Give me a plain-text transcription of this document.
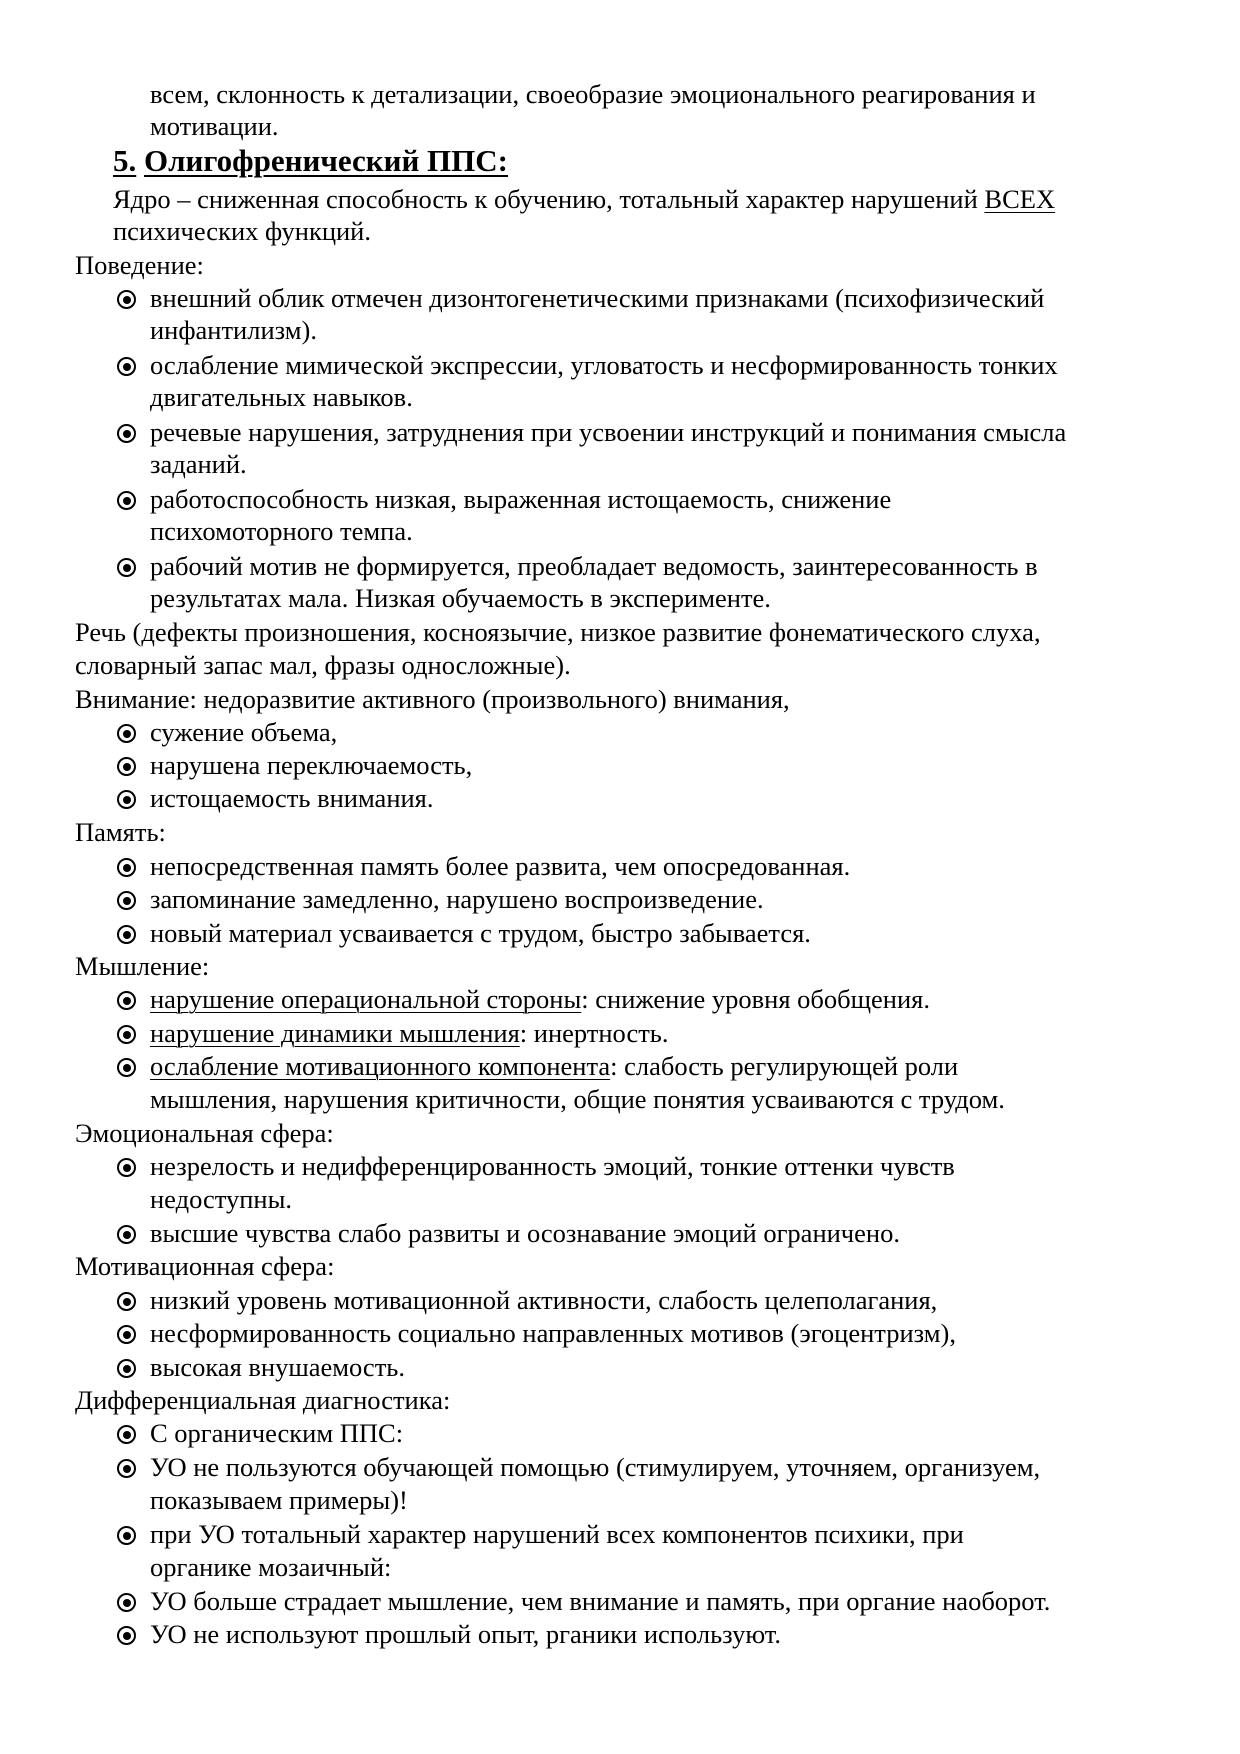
всем, склонность к детализации, своеобразие эмоционального реагирования и
мотивации.
5. Олигофренический ППС:
Ядро – сниженная способность к обучению, тотальный характер нарушений ВСЕХ
психических функций.
Поведение:
внешний облик отмечен дизонтогенетическими признаками (психофизический
инфантилизм).
ослабление мимической экспрессии, угловатость и несформированность тонких
двигательных навыков.
речевые нарушения, затруднения при усвоении инструкций и понимания смысла
заданий.
работоспособность низкая, выраженная истощаемость, снижение
психомоторного темпа.
рабочий мотив не формируется, преобладает ведомость, заинтересованность в
результатах мала. Низкая обучаемость в эксперименте.
Речь (дефекты произношения, косноязычие, низкое развитие фонематического слуха,
словарный запас мал, фразы односложные).
Внимание: недоразвитие активного (произвольного) внимания,
сужение объема,
нарушена переключаемость,
истощаемость внимания.
Память:
непосредственная память более развита, чем опосредованная.
запоминание замедленно, нарушено воспроизведение.
новый материал усваивается с трудом, быстро забывается.
Мышление:
нарушение операциональной стороны: снижение уровня обобщения.
нарушение динамики мышления: инертность.
ослабление мотивационного компонента: слабость регулирующей роли
мышления, нарушения критичности, общие понятия усваиваются с трудом.
Эмоциональная сфера:
незрелость и недифференцированность эмоций, тонкие оттенки чувств
недоступны.
высшие чувства слабо развиты и осознавание эмоций ограничено.
Мотивационная сфера:
низкий уровень мотивационной активности, слабость целеполагания,
несформированность социально направленных мотивов (эгоцентризм),
высокая внушаемость.
Дифференциальная диагностика:
С органическим ППС:
УО не пользуются обучающей помощью (стимулируем, уточняем, организуем,
показываем примеры)!
при УО тотальный характер нарушений всех компонентов психики, при
органике мозаичный:
УО больше страдает мышление, чем внимание и память, при органие наоборот.
УО не используют прошлый опыт, рганики используют.
